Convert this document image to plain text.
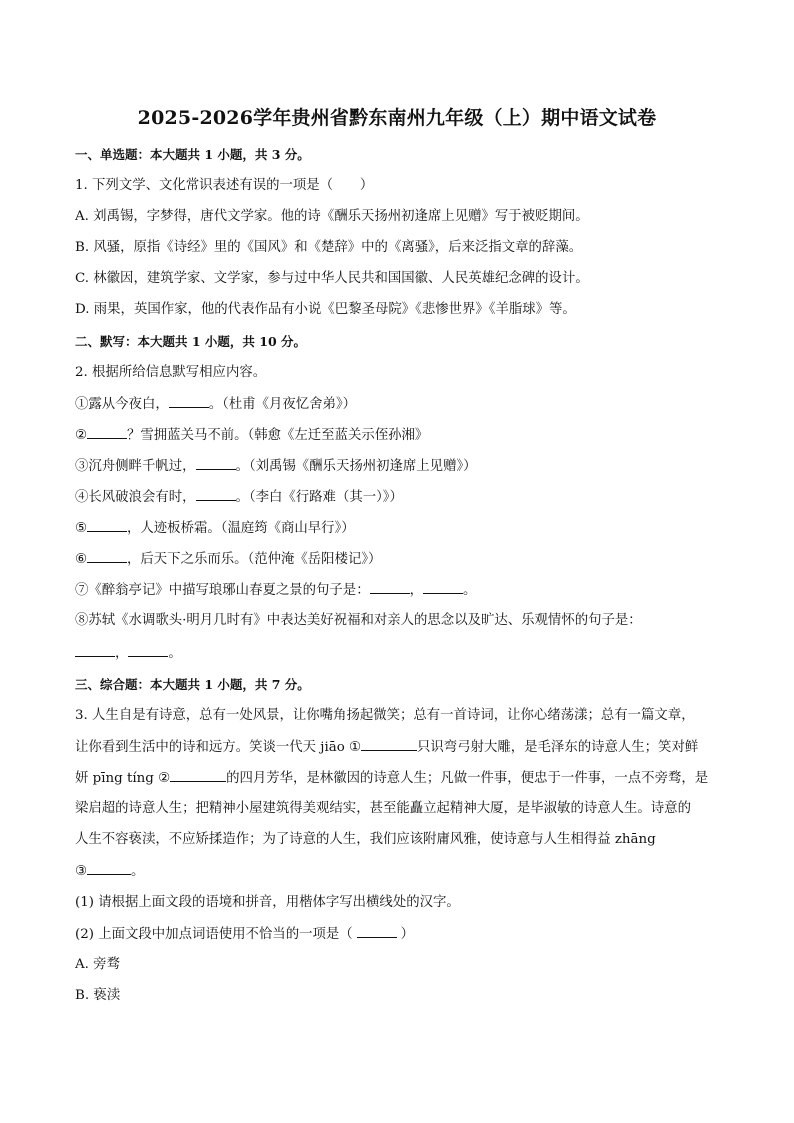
2025-2026学年贵州省黔东南州九年级（上）期中语文试卷
一、单选题：本大题共 1 小题，共 3 分。
1. 下列文学、文化常识表述有误的一项是（　　）
A. 刘禹锡，字梦得，唐代文学家。他的诗《酬乐天扬州初逢席上见赠》写于被贬期间。
B. 风骚，原指《诗经》里的《国风》和《楚辞》中的《离骚》，后来泛指文章的辞藻。
C. 林徽因，建筑学家、文学家，参与过中华人民共和国国徽、人民英雄纪念碑的设计。
D. 雨果，英国作家，他的代表作品有小说《巴黎圣母院》《悲惨世界》《羊脂球》等。
二、默写：本大题共 1 小题，共 10 分。
2. 根据所给信息默写相应内容。
①露从今夜白，	。（杜甫《月夜忆舍弟》）
②	？雪拥蓝关马不前。（韩愈《左迁至蓝关示侄孙湘》
③沉舟侧畔千帆过，	。（刘禹锡《酬乐天扬州初逢席上见赠》）
④长风破浪会有时，	。（李白《行路难（其一）》）
⑤	，人迹板桥霜。（温庭筠《商山早行》）
⑥	，后天下之乐而乐。（范仲淹《岳阳楼记》）
⑦《醉翁亭记》中描写琅琊山春夏之景的句子是：	，	。
⑧苏轼《水调歌头·明月几时有》中表达美好祝福和对亲人的思念以及旷达、乐观情怀的句子是：
，	。
三、综合题：本大题共 1 小题，共 7 分。
3. 人生自是有诗意，总有一处风景，让你嘴角扬起微笑；总有一首诗词，让你心绪荡漾；总有一篇文章，
让你看到生活中的诗和远方。笑谈一代天 jiāo ①	只识弯弓射大雕，是毛泽东的诗意人生；笑对鲜
妍 pīng tíng ②	的四月芳华，是林徽因的诗意人生；凡做一件事，便忠于一件事，一点不旁骛，是
梁启超的诗意人生；把精神小屋建筑得美观结实，甚至能矗立起精神大厦，是毕淑敏的诗意人生。诗意的
人生不容亵渎，不应矫揉造作；为了诗意的人生，我们应该附庸风雅，使诗意与人生相得益 zhāng
③	。
(1) 请根据上面文段的语境和拼音，用楷体字写出横线处的汉字。
(2) 上面文段中加点词语使用不恰当的一项是（	）
A. 旁骛
B. 亵渎
